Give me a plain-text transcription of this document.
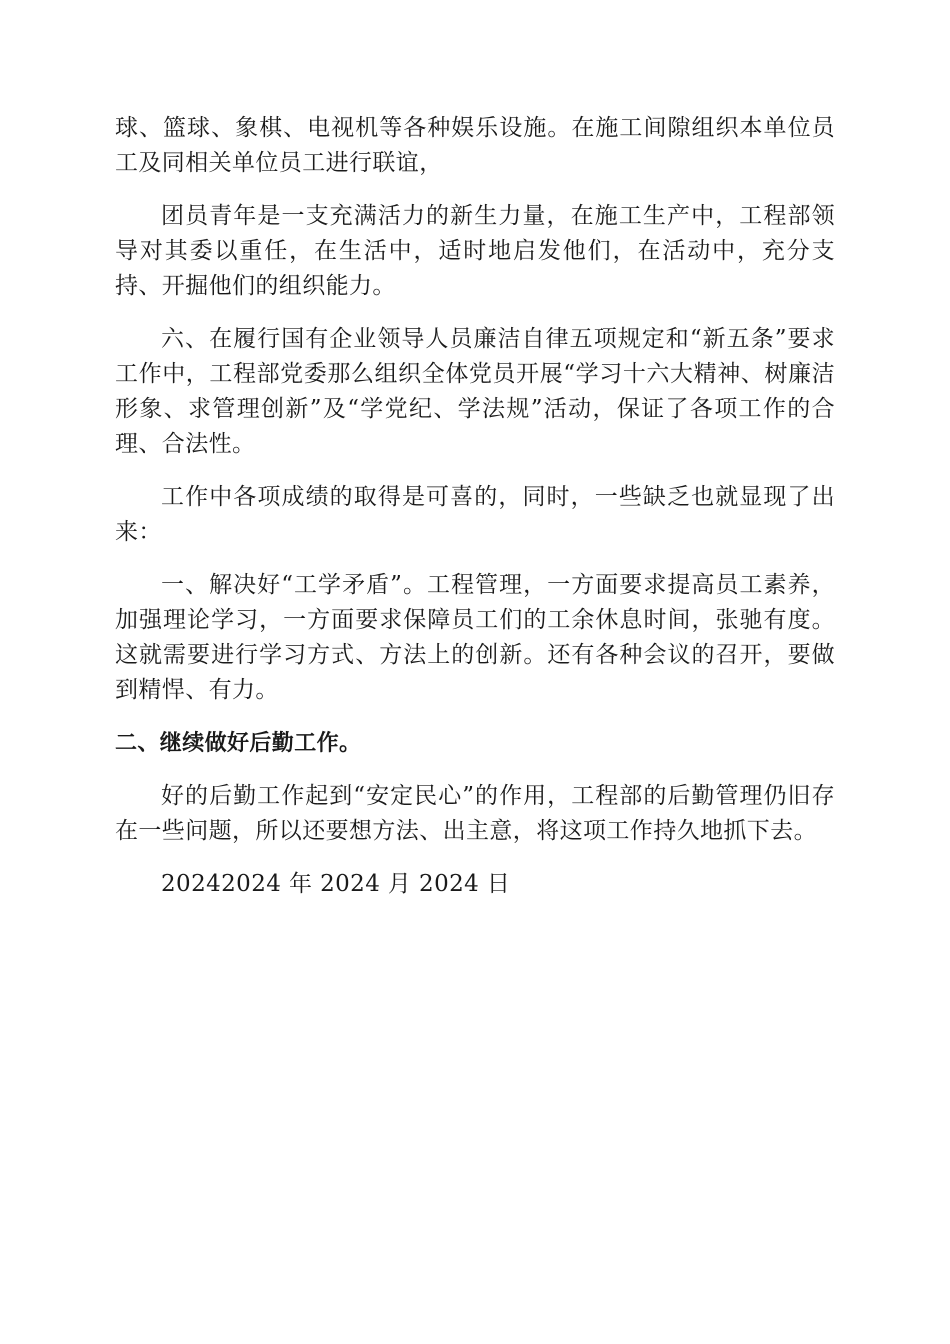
球、篮球、象棋、电视机等各种娱乐设施。在施工间隙组织本单位员工及同相关单位员工进行联谊，

团员青年是一支充满活力的新生力量，在施工生产中，工程部领导对其委以重任，在生活中，适时地启发他们，在活动中，充分支持、开掘他们的组织能力。

六、在履行国有企业领导人员廉洁自律五项规定和“新五条”要求工作中，工程部党委那么组织全体党员开展“学习十六大精神、树廉洁形象、求管理创新”及“学党纪、学法规”活动，保证了各项工作的合理、合法性。

工作中各项成绩的取得是可喜的，同时，一些缺乏也就显现了出来：

一、解决好“工学矛盾”。工程管理，一方面要求提高员工素养，加强理论学习，一方面要求保障员工们的工余休息时间，张驰有度。这就需要进行学习方式、方法上的创新。还有各种会议的召开，要做到精悍、有力。

二、继续做好后勤工作。

好的后勤工作起到“安定民心”的作用，工程部的后勤管理仍旧存在一些问题，所以还要想方法、出主意，将这项工作持久地抓下去。

20242024 年 2024 月 2024 日
